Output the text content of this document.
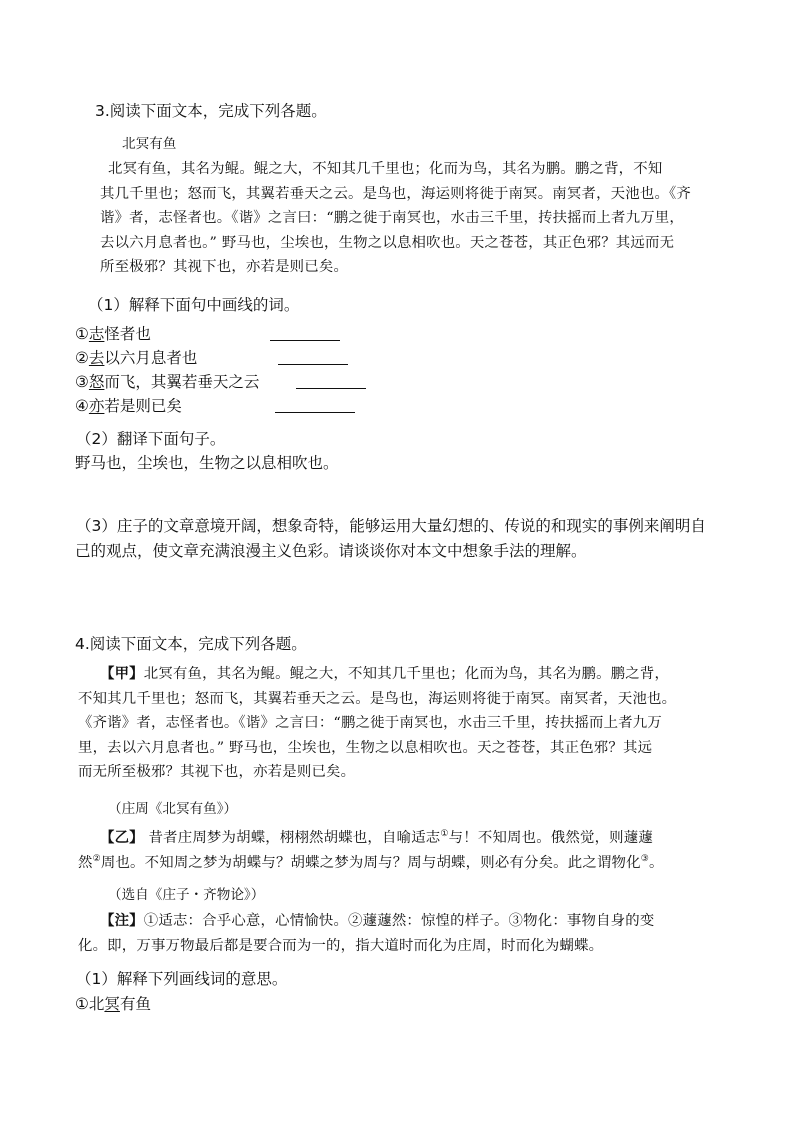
3.阅读下面文本，完成下列各题。
北冥有鱼
北冥有鱼，其名为鲲。鲲之大，不知其几千里也；化而为鸟，其名为鹏。鹏之背，不知
其几千里也；怒而飞，其翼若垂天之云。是鸟也，海运则将徙于南冥。南冥者，天池也。《齐
谐》者，志怪者也。《谐》之言曰：“鹏之徙于南冥也，水击三千里，抟扶摇而上者九万里，
去以六月息者也。” 野马也，尘埃也，生物之以息相吹也。天之苍苍，其正色邪？其远而无
所至极邪？其视下也，亦若是则已矣。
（1）解释下面句中画线的词。
①志怪者也
②去以六月息者也
③怒而飞，其翼若垂天之云
④亦若是则已矣
（2）翻译下面句子。
野马也，尘埃也，生物之以息相吹也。
（3）庄子的文章意境开阔，想象奇特，能够运用大量幻想的、传说的和现实的事例来阐明自
己的观点，使文章充满浪漫主义色彩。请谈谈你对本文中想象手法的理解。
4.阅读下面文本，完成下列各题。
【甲】北冥有鱼，其名为鲲。鲲之大，不知其几千里也；化而为鸟，其名为鹏。鹏之背，
不知其几千里也；怒而飞，其翼若垂天之云。是鸟也，海运则将徙于南冥。南冥者，天池也。
《齐谐》者，志怪者也。《谐》之言曰：“鹏之徙于南冥也，水击三千里，抟扶摇而上者九万
里，去以六月息者也。” 野马也，尘埃也，生物之以息相吹也。天之苍苍，其正色邪？其远
而无所至极邪？其视下也，亦若是则已矣。
（庄周《北冥有鱼》）
【乙】 昔者庄周梦为胡蝶，栩栩然胡蝶也，自喻适志①与！不知周也。俄然觉，则蘧蘧
然②周也。不知周之梦为胡蝶与？胡蝶之梦为周与？周与胡蝶，则必有分矣。此之谓物化③。
（选自《庄子・齐物论》）
【注】①适志：合乎心意，心情愉快。②蘧蘧然：惊惶的样子。③物化：事物自身的变
化。即，万事万物最后都是要合而为一的，指大道时而化为庄周，时而化为蝴蝶。
（1）解释下列画线词的意思。
①北冥有鱼
